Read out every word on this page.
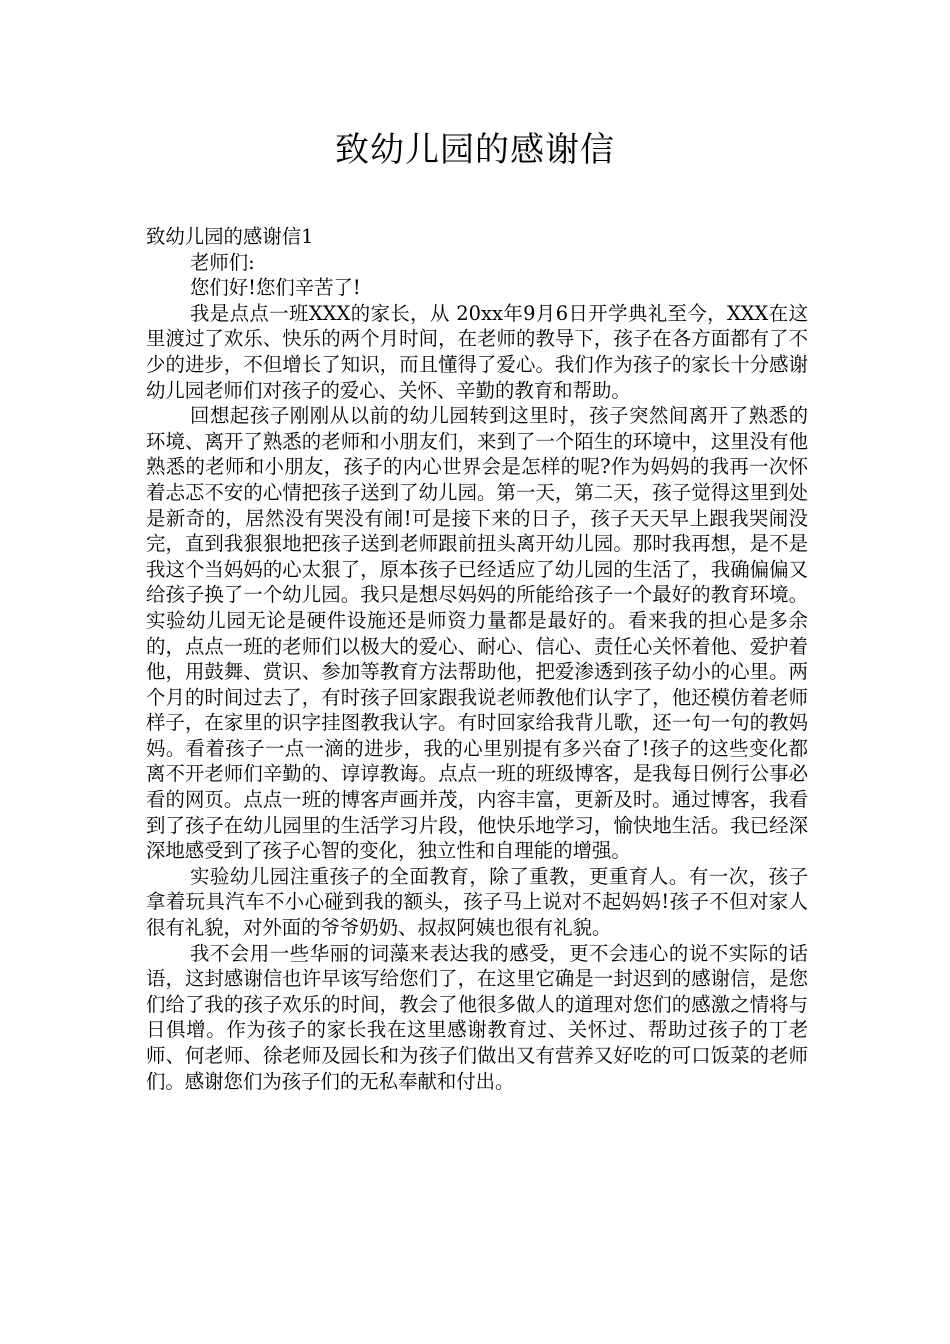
致幼儿园的感谢信

致幼儿园的感谢信1

老师们:

您们好!您们辛苦了!

我是点点一班XXX的家长，从 20xx年9月6日开学典礼至今，XXX在这里渡过了欢乐、快乐的两个月时间，在老师的教导下，孩子在各方面都有了不少的进步，不但增长了知识，而且懂得了爱心。我们作为孩子的家长十分感谢幼儿园老师们对孩子的爱心、关怀、辛勤的教育和帮助。

回想起孩子刚刚从以前的幼儿园转到这里时，孩子突然间离开了熟悉的环境、离开了熟悉的老师和小朋友们，来到了一个陌生的环境中，这里没有他熟悉的老师和小朋友，孩子的内心世界会是怎样的呢?作为妈妈的我再一次怀着忐忑不安的心情把孩子送到了幼儿园。第一天，第二天，孩子觉得这里到处是新奇的，居然没有哭没有闹!可是接下来的日子，孩子天天早上跟我哭闹没完，直到我狠狠地把孩子送到老师跟前扭头离开幼儿园。那时我再想，是不是我这个当妈妈的心太狠了，原本孩子已经适应了幼儿园的生活了，我确偏偏又给孩子换了一个幼儿园。我只是想尽妈妈的所能给孩子一个最好的教育环境。实验幼儿园无论是硬件设施还是师资力量都是最好的。看来我的担心是多余的，点点一班的老师们以极大的爱心、耐心、信心、责任心关怀着他、爱护着他，用鼓舞、赏识、参加等教育方法帮助他，把爱渗透到孩子幼小的心里。两个月的时间过去了，有时孩子回家跟我说老师教他们认字了，他还模仿着老师样子，在家里的识字挂图教我认字。有时回家给我背儿歌，还一句一句的教妈妈。看着孩子一点一滴的进步，我的心里别提有多兴奋了!孩子的这些变化都离不开老师们辛勤的、谆谆教诲。点点一班的班级博客，是我每日例行公事必看的网页。点点一班的博客声画并茂，内容丰富，更新及时。通过博客，我看到了孩子在幼儿园里的生活学习片段，他快乐地学习，愉快地生活。我已经深深地感受到了孩子心智的变化，独立性和自理能的增强。

实验幼儿园注重孩子的全面教育，除了重教，更重育人。有一次，孩子拿着玩具汽车不小心碰到我的额头，孩子马上说对不起妈妈!孩子不但对家人很有礼貌，对外面的爷爷奶奶、叔叔阿姨也很有礼貌。

我不会用一些华丽的词藻来表达我的感受，更不会违心的说不实际的话语，这封感谢信也许早该写给您们了，在这里它确是一封迟到的感谢信，是您们给了我的孩子欢乐的时间，教会了他很多做人的道理对您们的感激之情将与日俱增。作为孩子的家长我在这里感谢教育过、关怀过、帮助过孩子的丁老师、何老师、徐老师及园长和为孩子们做出又有营养又好吃的可口饭菜的老师们。感谢您们为孩子们的无私奉献和付出。
